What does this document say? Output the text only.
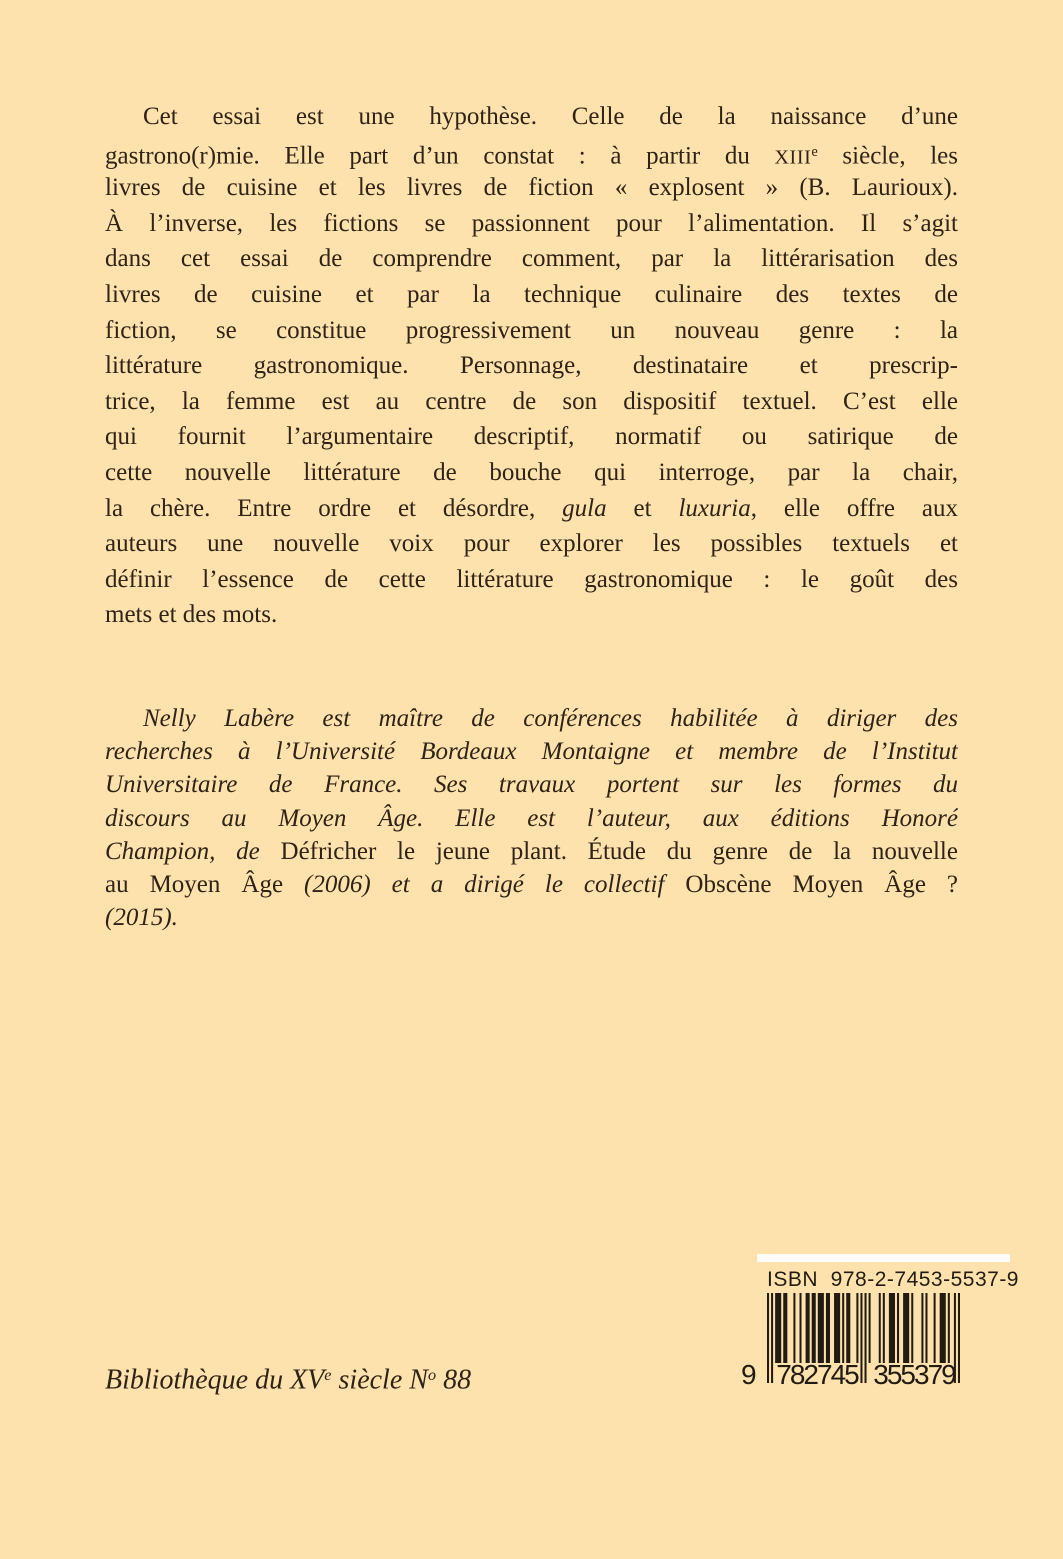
Cet essai est une hypothèse. Celle de la naissance d’une
gastrono(r)mie. Elle part d’un constat : à partir du XIIIe siècle, les
livres de cuisine et les livres de fiction « explosent » (B. Laurioux).
À l’inverse, les fictions se passionnent pour l’alimentation. Il s’agit
dans cet essai de comprendre comment, par la littérarisation des
livres de cuisine et par la technique culinaire des textes de
fiction, se constitue progressivement un nouveau genre : la
littérature gastronomique. Personnage, destinataire et prescrip-
trice, la femme est au centre de son dispositif textuel. C’est elle
qui fournit l’argumentaire descriptif, normatif ou satirique de
cette nouvelle littérature de bouche qui interroge, par la chair,
la chère. Entre ordre et désordre, gula et luxuria, elle offre aux
auteurs une nouvelle voix pour explorer les possibles textuels et
définir l’essence de cette littérature gastronomique : le goût des
mets et des mots.
Nelly Labère est maître de conférences habilitée à diriger des
recherches à l’Université Bordeaux Montaigne et membre de l’Institut
Universitaire de France. Ses travaux portent sur les formes du
discours au Moyen Âge. Elle est l’auteur, aux éditions Honoré
Champion, de Défricher le jeune plant. Étude du genre de la nouvelle
au Moyen Âge (2006) et a dirigé le collectif Obscène Moyen Âge ?
(2015).
ISBN  978-2-7453-5537-9
9 782745 355379
Bibliothèque du XVe siècle $N^o$ 88
